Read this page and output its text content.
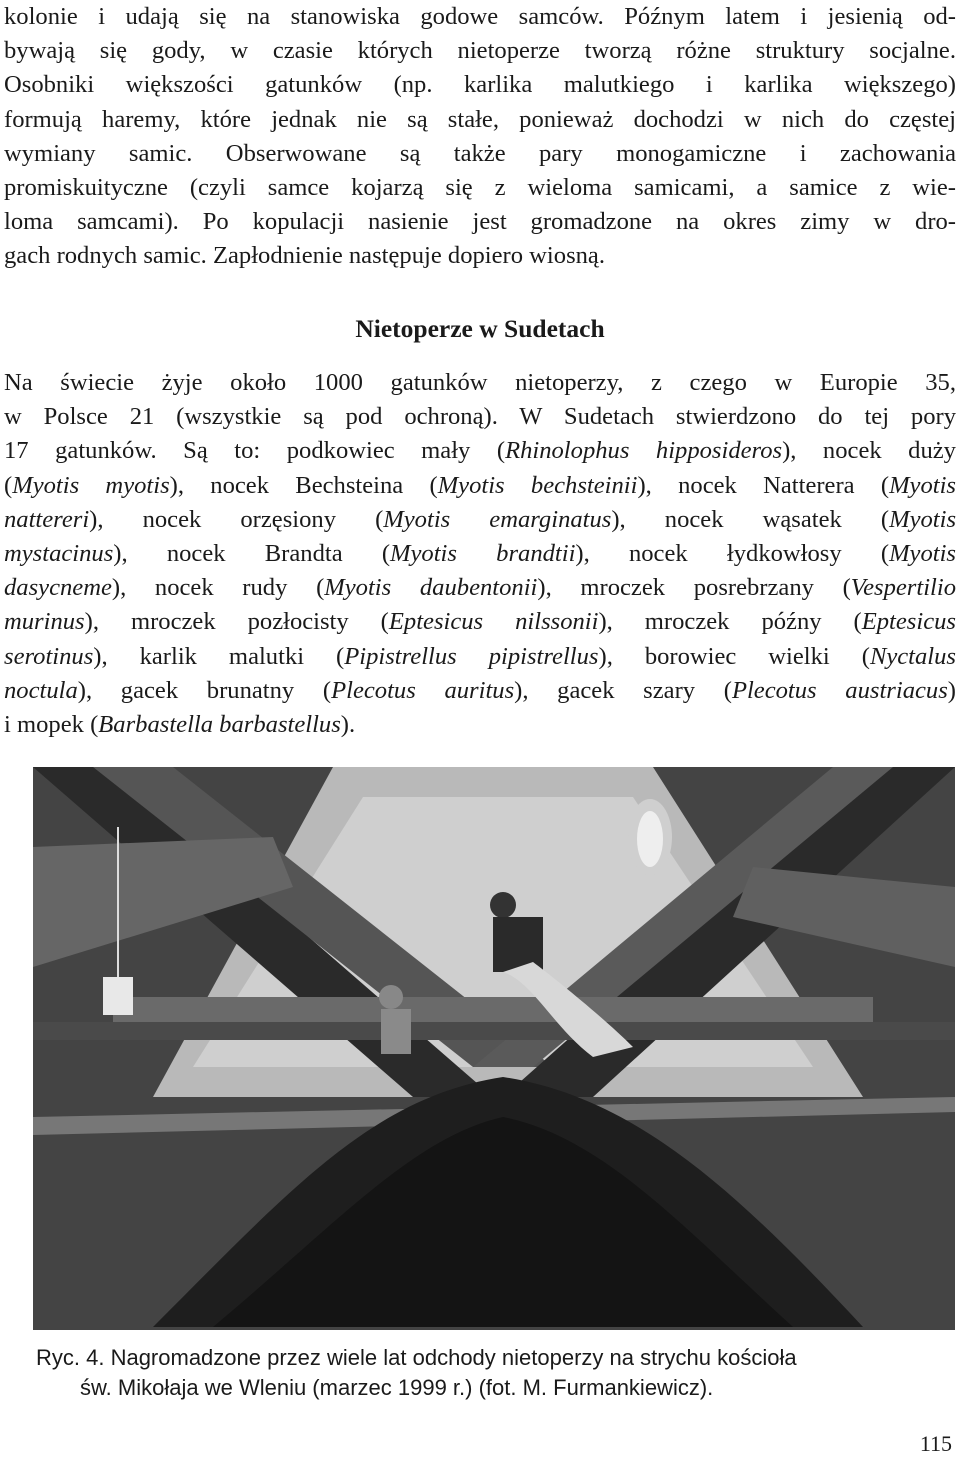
kolonie i udają się na stanowiska godowe samców. Późnym latem i jesienią od-
bywają się gody, w czasie których nietoperze tworzą różne struktury socjalne.
Osobniki większości gatunków (np. karlika malutkiego i karlika większego)
formują haremy, które jednak nie są stałe, ponieważ dochodzi w nich do częstej
wymiany samic. Obserwowane są także pary monogamiczne i zachowania
promiskuityczne (czyli samce kojarzą się z wieloma samicami, a samice z wie-
loma samcami). Po kopulacji nasienie jest gromadzone na okres zimy w dro-
gach rodnych samic. Zapłodnienie następuje dopiero wiosną.
Nietoperze w Sudetach
Na świecie żyje około 1000 gatunków nietoperzy, z czego w Europie 35,
w Polsce 21 (wszystkie są pod ochroną). W Sudetach stwierdzono do tej pory
17 gatunków. Są to: podkowiec mały (Rhinolophus hipposideros), nocek duży
(Myotis myotis), nocek Bechsteina (Myotis bechsteinii), nocek Natterera (Myotis
nattereri), nocek orzęsiony (Myotis emarginatus), nocek wąsatek (Myotis
mystacinus), nocek Brandta (Myotis brandtii), nocek łydkowłosy (Myotis
dasycneme), nocek rudy (Myotis daubentonii), mroczek posrebrzany (Vespertilio
murinus), mroczek pozłocisty (Eptesicus nilssonii), mroczek późny (Eptesicus
serotinus), karlik malutki (Pipistrellus pipistrellus), borowiec wielki (Nyctalus
noctula), gacek brunatny (Plecotus auritus), gacek szary (Plecotus austriacus)
i mopek (Barbastella barbastellus).

Ryc. 4. Nagromadzone przez wiele lat odchody nietoperzy na strychu kościoła
św. Mikołaja we Wleniu (marzec 1999 r.) (fot. M. Furmankiewicz).

115
